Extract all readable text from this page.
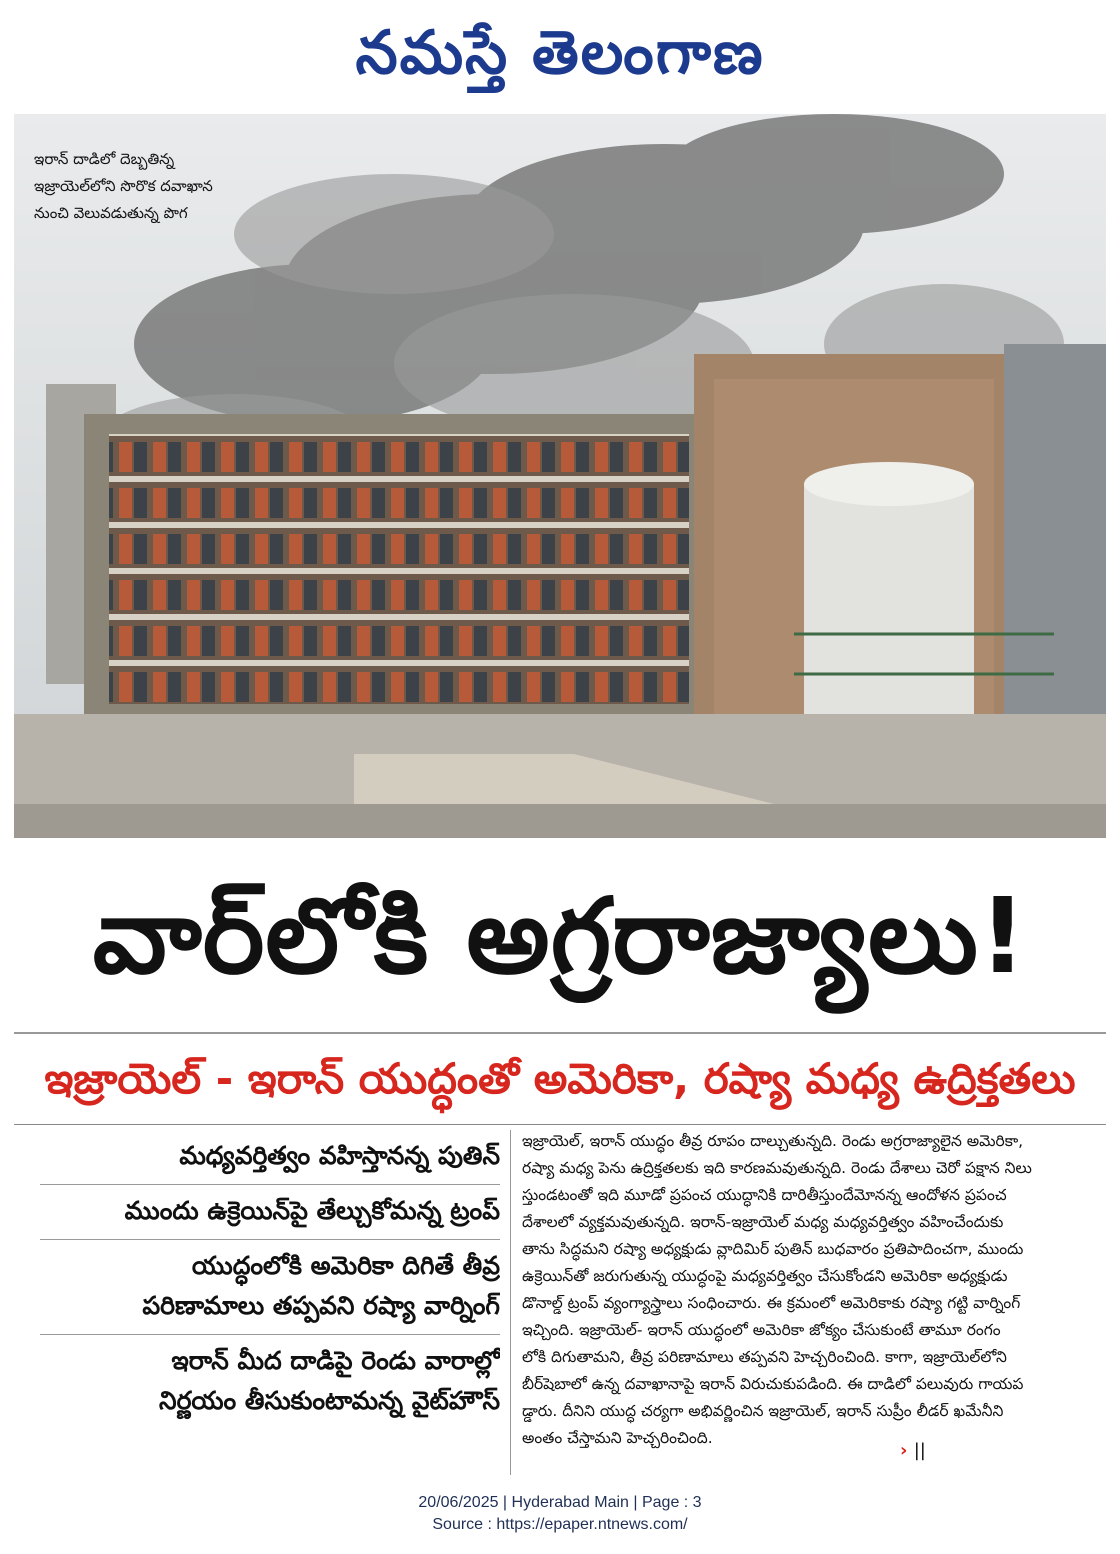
నమస్తే తెలంగాణ
ఇరాన్ దాడిలో దెబ్బతిన్న
ఇజ్రాయెల్‌లోని సొరొక దవాఖాన
నుంచి వెలువడుతున్న పొగ
వార్‌లోకి అగ్రరాజ్యాలు!
ఇజ్రాయెల్ - ఇరాన్ యుద్ధంతో అమెరికా, రష్యా మధ్య ఉద్రిక్తతలు
మధ్యవర్తిత్వం వహిస్తానన్న పుతిన్
ముందు ఉక్రెయిన్‌పై తేల్చుకోమన్న ట్రంప్
యుద్ధంలోకి అమెరికా దిగితే తీవ్ర
పరిణామాలు తప్పవని రష్యా వార్నింగ్
ఇరాన్ మీద దాడిపై రెండు వారాల్లో
నిర్ణయం తీసుకుంటామన్న వైట్‌హౌస్
ఇజ్రాయెల్, ఇరాన్ యుద్ధం తీవ్ర రూపం దాల్చుతున్నది. రెండు అగ్రరాజ్యాలైన అమెరికా,
రష్యా మధ్య పెను ఉద్రిక్తతలకు ఇది కారణమవుతున్నది. రెండు దేశాలు చెరో పక్షాన నిలు
స్తుండటంతో ఇది మూడో ప్రపంచ యుద్ధానికి దారితీస్తుందేమోనన్న ఆందోళన ప్రపంచ
దేశాలలో వ్యక్తమవుతున్నది. ఇరాన్-ఇజ్రాయెల్ మధ్య మధ్యవర్తిత్వం వహించేందుకు
తాను సిద్ధమని రష్యా అధ్యక్షుడు వ్లాదిమిర్ పుతిన్ బుధవారం ప్రతిపాదించగా, ముందు
ఉక్రెయిన్‌తో జరుగుతున్న యుద్ధంపై మధ్యవర్తిత్వం చేసుకోండని అమెరికా అధ్యక్షుడు
డొనాల్డ్ ట్రంప్ వ్యంగ్యాస్త్రాలు సంధించారు. ఈ క్రమంలో అమెరికాకు రష్యా గట్టి వార్నింగ్
ఇచ్చింది. ఇజ్రాయెల్- ఇరాన్ యుద్ధంలో అమెరికా జోక్యం చేసుకుంటే తామూ రంగం
లోకి దిగుతామని, తీవ్ర పరిణామాలు తప్పవని హెచ్చరించింది. కాగా, ఇజ్రాయెల్‌లోని
బీర్‌షెబాలో ఉన్న దవాఖానాపై ఇరాన్ విరుచుకుపడింది. ఈ దాడిలో పలువురు గాయప
డ్డారు. దీనిని యుద్ధ చర్యగా అభివర్ణించిన ఇజ్రాయెల్, ఇరాన్ సుప్రీం లీడర్ ఖమేనీని
అంతం చేస్తామని హెచ్చరించింది.
› ||
20/06/2025 | Hyderabad Main | Page : 3
Source : https://epaper.ntnews.com/
